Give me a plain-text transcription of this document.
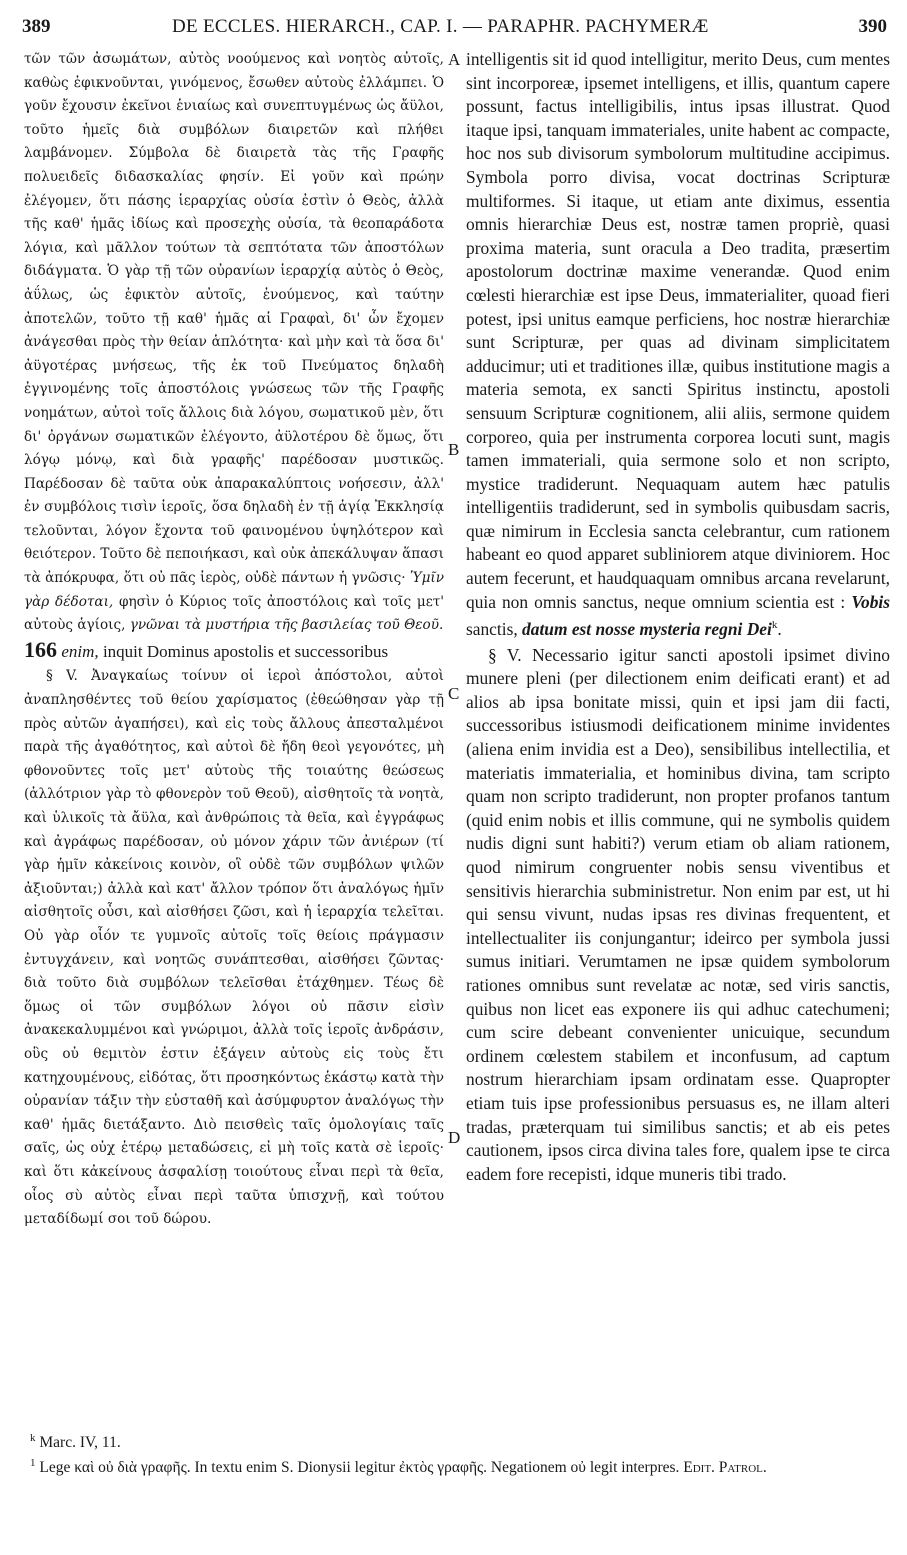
389	DE ECCLES. HIERARCH., CAP. I. — PARAPHR. PACHYMERÆ	390
A
B
C
D

τῶν τῶν ἀσωμάτων, αὐτὸς νοούμενος καὶ νοητὸς αὐτοῖς, καθὼς ἐφικνοῦνται, γινόμενος, ἔσωθεν αὐτοὺς ἐλλάμπει. Ὁ γοῦν ἔχουσιν ἐκεῖνοι ἑνιαίως καὶ συνεπτυγμένως ὡς ἄϋλοι, τοῦτο ἡμεῖς διὰ συμβόλων διαιρετῶν καὶ πλήθει λαμβάνομεν. Σύμβολα δὲ διαιρετὰ τὰς τῆς Γραφῆς πολυειδεῖς διδασκαλίας φησίν. Εἰ γοῦν καὶ πρώην ἐλέγομεν, ὅτι πάσης ἱεραρχίας οὐσία ἐστὶν ὁ Θεὸς, ἀλλὰ τῆς καθ' ἡμᾶς ἰδίως καὶ προσεχὴς οὐσία, τὰ θεοπαράδοτα λόγια, καὶ μᾶλλον τούτων τὰ σεπτότατα τῶν ἀποστόλων διδάγματα. Ὁ γὰρ τῇ τῶν οὐρανίων ἱεραρχίᾳ αὐτὸς ὁ Θεὸς, ἀΰλως, ὡς ἐφικτὸν αὐτοῖς, ἑνούμενος, καὶ ταύτην ἀποτελῶν, τοῦτο τῇ καθ' ἡμᾶς αἱ Γραφαὶ, δι' ὧν ἔχομεν ἀνάγεσθαι πρὸς τὴν θείαν ἁπλότητα· καὶ μὴν καὶ τὰ ὅσα δι' ἀϋγοτέρας μνήσεως, τῆς ἐκ τοῦ Πνεύματος δηλαδὴ ἐγγινομένης τοῖς ἀποστόλοις γνώσεως τῶν τῆς Γραφῆς νοημάτων, αὐτοὶ τοῖς ἄλλοις διὰ λόγου, σωματικοῦ μὲν, ὅτι δι' ὀργάνων σωματικῶν ἐλέγοντο, ἀϋλοτέρου δὲ ὅμως, ὅτι λόγῳ μόνῳ, καὶ διὰ γραφῆς' παρέδοσαν μυστικῶς. Παρέδοσαν δὲ ταῦτα οὐκ ἀπαρακαλύπτοις νοήσεσιν, ἀλλ' ἐν συμβόλοις τισὶν ἱεροῖς, ὅσα δηλαδὴ ἐν τῇ ἁγίᾳ Ἐκκλησίᾳ τελοῦνται, λόγον ἔχοντα τοῦ φαινομένου ὑψηλότερον καὶ θειότερον. Τοῦτο δὲ πεποιήκασι, καὶ οὐκ ἀπεκάλυψαν ἅπασι τὰ ἀπόκρυφα, ὅτι οὐ πᾶς ἱερὸς, οὐδὲ πάντων ἡ γνῶσις· Ὑμῖν γὰρ δέδοται, φησὶν ὁ Κύριος τοῖς ἀποστόλοις καὶ τοῖς μετ' αὐτοὺς ἁγίοις, γνῶναι τὰ μυστήρια τῆς βασιλείας τοῦ Θεοῦ.

166 enim, inquit Dominus apostolis et successoribus

§ V. Ἀναγκαίως τοίνυν οἱ ἱεροὶ ἀπόστολοι, αὐτοὶ ἀναπλησθέντες τοῦ θείου χαρίσματος (ἐθεώθησαν γὰρ τῇ πρὸς αὐτῶν ἀγαπήσει), καὶ εἰς τοὺς ἄλλους ἀπεσταλμένοι παρὰ τῆς ἀγαθότητος, καὶ αὐτοὶ δὲ ἤδη θεοὶ γεγονότες, μὴ φθονοῦντες τοῖς μετ' αὐτοὺς τῆς τοιαύτης θεώσεως (ἀλλότριον γὰρ τὸ φθονερὸν τοῦ Θεοῦ), αἰσθητοῖς τὰ νοητὰ, καὶ ὑλικοῖς τὰ ἄϋλα, καὶ ἀνθρώποις τὰ θεῖα, καὶ ἐγγράφως καὶ ἀγράφως παρέδοσαν, οὐ μόνον χάριν τῶν ἀνιέρων (τί γὰρ ἡμῖν κἀκείνοις κοινὸν, οἳ οὐδὲ τῶν συμβόλων ψιλῶν ἀξιοῦνται;) ἀλλὰ καὶ κατ' ἄλλον τρόπον ὅτι ἀναλόγως ἡμῖν αἰσθητοῖς οὖσι, καὶ αἰσθήσει ζῶσι, καὶ ἡ ἱεραρχία τελεῖται. Οὐ γὰρ οἷόν τε γυμνοῖς αὐτοῖς τοῖς θείοις πράγμασιν ἐντυγχάνειν, καὶ νοητῶς συνάπτεσθαι, αἰσθήσει ζῶντας· διὰ τοῦτο διὰ συμβόλων τελεῖσθαι ἐτάχθημεν. Τέως δὲ ὅμως οἱ τῶν συμβόλων λόγοι οὐ πᾶσιν εἰσὶν ἀνακεκαλυμμένοι καὶ γνώριμοι, ἀλλὰ τοῖς ἱεροῖς ἀνδράσιν, οὓς οὐ θεμιτὸν ἐστιν ἐξάγειν αὐτοὺς εἰς τοὺς ἔτι κατηχουμένους, εἰδότας, ὅτι προσηκόντως ἑκάστῳ κατὰ τὴν οὐρανίαν τάξιν τὴν εὐσταθῆ καὶ ἀσύμφυρτον ἀναλόγως τὴν καθ' ἡμᾶς διετάξαντο. Διὸ πεισθεὶς ταῖς ὁμολογίαις ταῖς σαῖς, ὡς οὐχ ἑτέρῳ μεταδώσεις, εἰ μὴ τοῖς κατὰ σὲ ἱεροῖς· καὶ ὅτι κἀκείνους ἀσφαλίσῃ τοιούτους εἶναι περὶ τὰ θεῖα, οἷος σὺ αὐτὸς εἶναι περὶ ταῦτα ὑπισχνῇ, καὶ τούτου μεταδίδωμί σοι τοῦ δώρου.

intelligentis sit id quod intelligitur, merito Deus, cum mentes sint incorporeæ, ipsemet intelligens, et illis, quantum capere possunt, factus intelligibilis, intus ipsas illustrat. Quod itaque ipsi, tanquam immateriales, unite habent ac compacte, hoc nos sub divisorum symbolorum multitudine accipimus. Symbola porro divisa, vocat doctrinas Scripturæ multiformes. Si itaque, ut etiam ante diximus, essentia omnis hierarchiæ Deus est, nostræ tamen propriè, quasi proxima materia, sunt oracula a Deo tradita, præsertim apostolorum doctrinæ maxime venerandæ. Quod enim cœlesti hierarchiæ est ipse Deus, immaterialiter, quoad fieri potest, ipsi unitus eamque perficiens, hoc nostræ hierarchiæ sunt Scripturæ, per quas ad divinam simplicitatem adducimur; uti et traditiones illæ, quibus institutione magis a materia semota, ex sancti Spiritus instinctu, apostoli sensuum Scripturæ cognitionem, alii aliis, sermone quidem corporeo, quia per instrumenta corporea locuti sunt, magis tamen immateriali, quia sermone solo et non scripto, mystice tradiderunt. Nequaquam autem hæc patulis intelligentiis tradiderunt, sed in symbolis quibusdam sacris, quæ nimirum in Ecclesia sancta celebrantur, cum rationem habeant eo quod apparet subliniorem atque diviniorem. Hoc autem fecerunt, et haudquaquam omnibus arcana revelarunt, quia non omnis sanctus, neque omnium scientia est : Vobis sanctis, datum est nosse mysteria regni Dei$^k$.

§ V. Necessario igitur sancti apostoli ipsimet divino munere pleni (per dilectionem enim deificati erant) et ad alios ab ipsa bonitate missi, quin et ipsi jam dii facti, successoribus istiusmodi deificationem minime invidentes (aliena enim invidia est a Deo), sensibilibus intellectilia, et materiatis immaterialia, et hominibus divina, tam scripto quam non scripto tradiderunt, non propter profanos tantum (quid enim nobis et illis commune, qui ne symbolis quidem nudis digni sunt habiti?) verum etiam ob aliam rationem, quod nimirum congruenter nobis sensu viventibus et sensitivis hierarchia subministretur. Non enim par est, ut hi qui sensu vivunt, nudas ipsas res divinas frequentent, et intellectualiter iis conjungantur; ideirco per symbola jussi sumus initiari. Verumtamen ne ipsæ quidem symbolorum rationes omnibus sunt revelatæ ac notæ, sed viris sanctis, quibus non licet eas exponere iis qui adhuc catechumeni; cum scire debeant convenienter unicuique, secundum ordinem cœlestem stabilem et inconfusum, ad captum nostrum hierarchiam ipsam ordinatam esse. Quapropter etiam tuis ipse professionibus persuasus es, ne illam alteri tradas, præterquam tui similibus sanctis; et ab eis petes cautionem, ipsos circa divina tales fore, qualem ipse te circa eadem fore recepisti, idque muneris tibi trado.

$^k$ Marc. IV, 11.

$^1$ Lege καὶ οὐ διὰ γραφῆς. In textu enim S. Dionysii legitur ἐκτὸς γραφῆς. Negationem οὐ legit interpres. Edit. Patrol.
